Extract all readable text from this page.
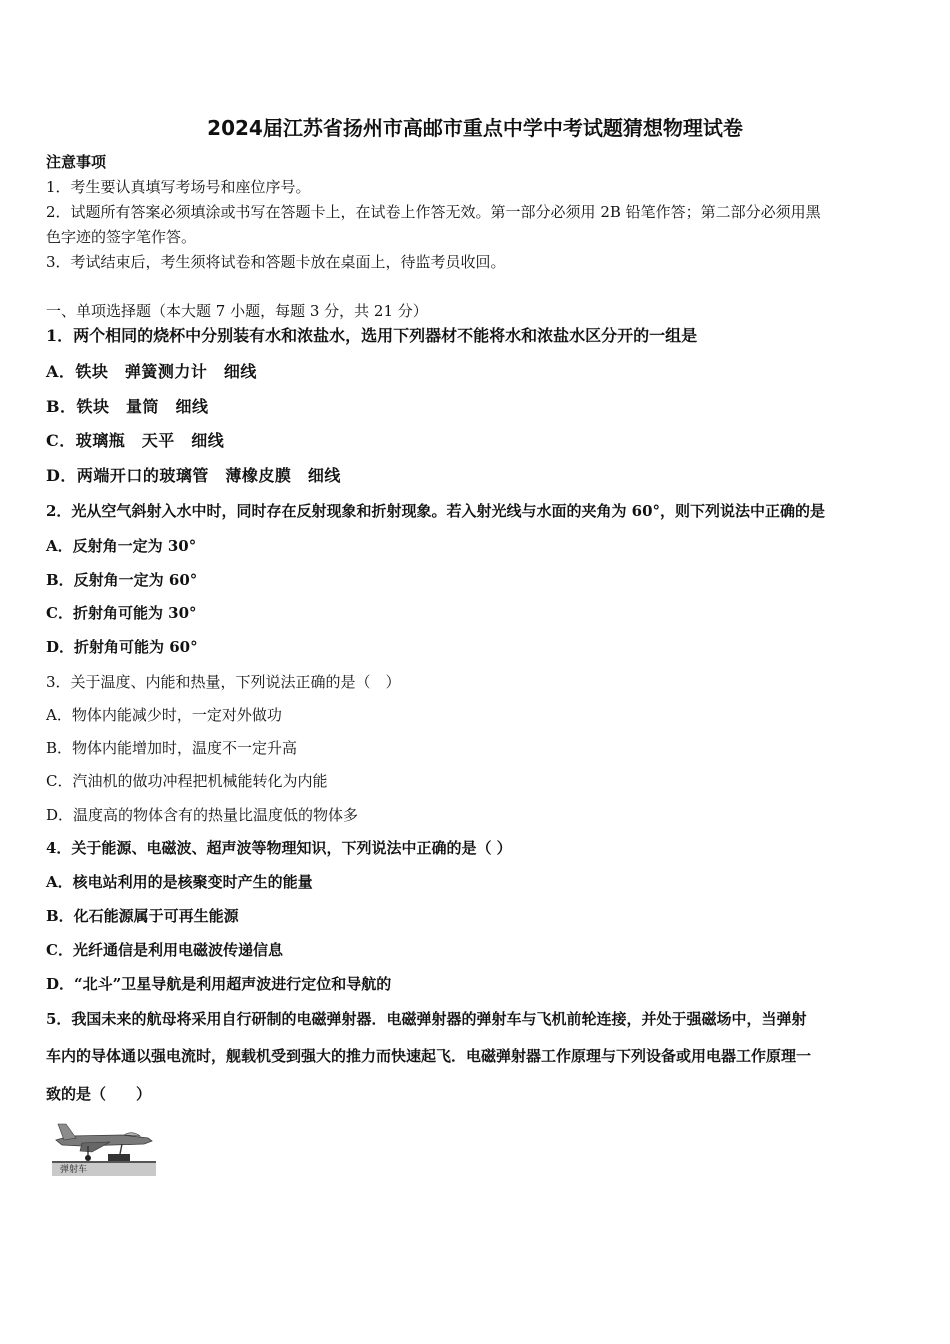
2024届江苏省扬州市高邮市重点中学中考试题猜想物理试卷
注意事项
1．考生要认真填写考场号和座位序号。
2．试题所有答案必须填涂或书写在答题卡上，在试卷上作答无效。第一部分必须用 2B 铅笔作答；第二部分必须用黑
色字迹的签字笔作答。
3．考试结束后，考生须将试卷和答题卡放在桌面上，待监考员收回。
一、单项选择题（本大题 7 小题，每题 3 分，共 21 分）
1．两个相同的烧杯中分别装有水和浓盐水，选用下列器材不能将水和浓盐水区分开的一组是
A．铁块　弹簧测力计　细线
B．铁块　量筒　细线
C．玻璃瓶　天平　细线
D．两端开口的玻璃管　薄橡皮膜　细线
2．光从空气斜射入水中时，同时存在反射现象和折射现象。若入射光线与水面的夹角为 60°，则下列说法中正确的是
A．反射角一定为 30°
B．反射角一定为 60°
C．折射角可能为 30°
D．折射角可能为 60°
3．关于温度、内能和热量，下列说法正确的是（　）
A．物体内能减少时，一定对外做功
B．物体内能增加时，温度不一定升高
C．汽油机的做功冲程把机械能转化为内能
D．温度高的物体含有的热量比温度低的物体多
4．关于能源、电磁波、超声波等物理知识，下列说法中正确的是（ ）
A．核电站利用的是核聚变时产生的能量
B．化石能源属于可再生能源
C．光纤通信是利用电磁波传递信息
D．“北斗”卫星导航是利用超声波进行定位和导航的
5．我国未来的航母将采用自行研制的电磁弹射器．电磁弹射器的弹射车与飞机前轮连接，并处于强磁场中，当弹射
车内的导体通以强电流时，舰载机受到强大的推力而快速起飞．电磁弹射器工作原理与下列设备或用电器工作原理一
致的是（　　）
弹射车
